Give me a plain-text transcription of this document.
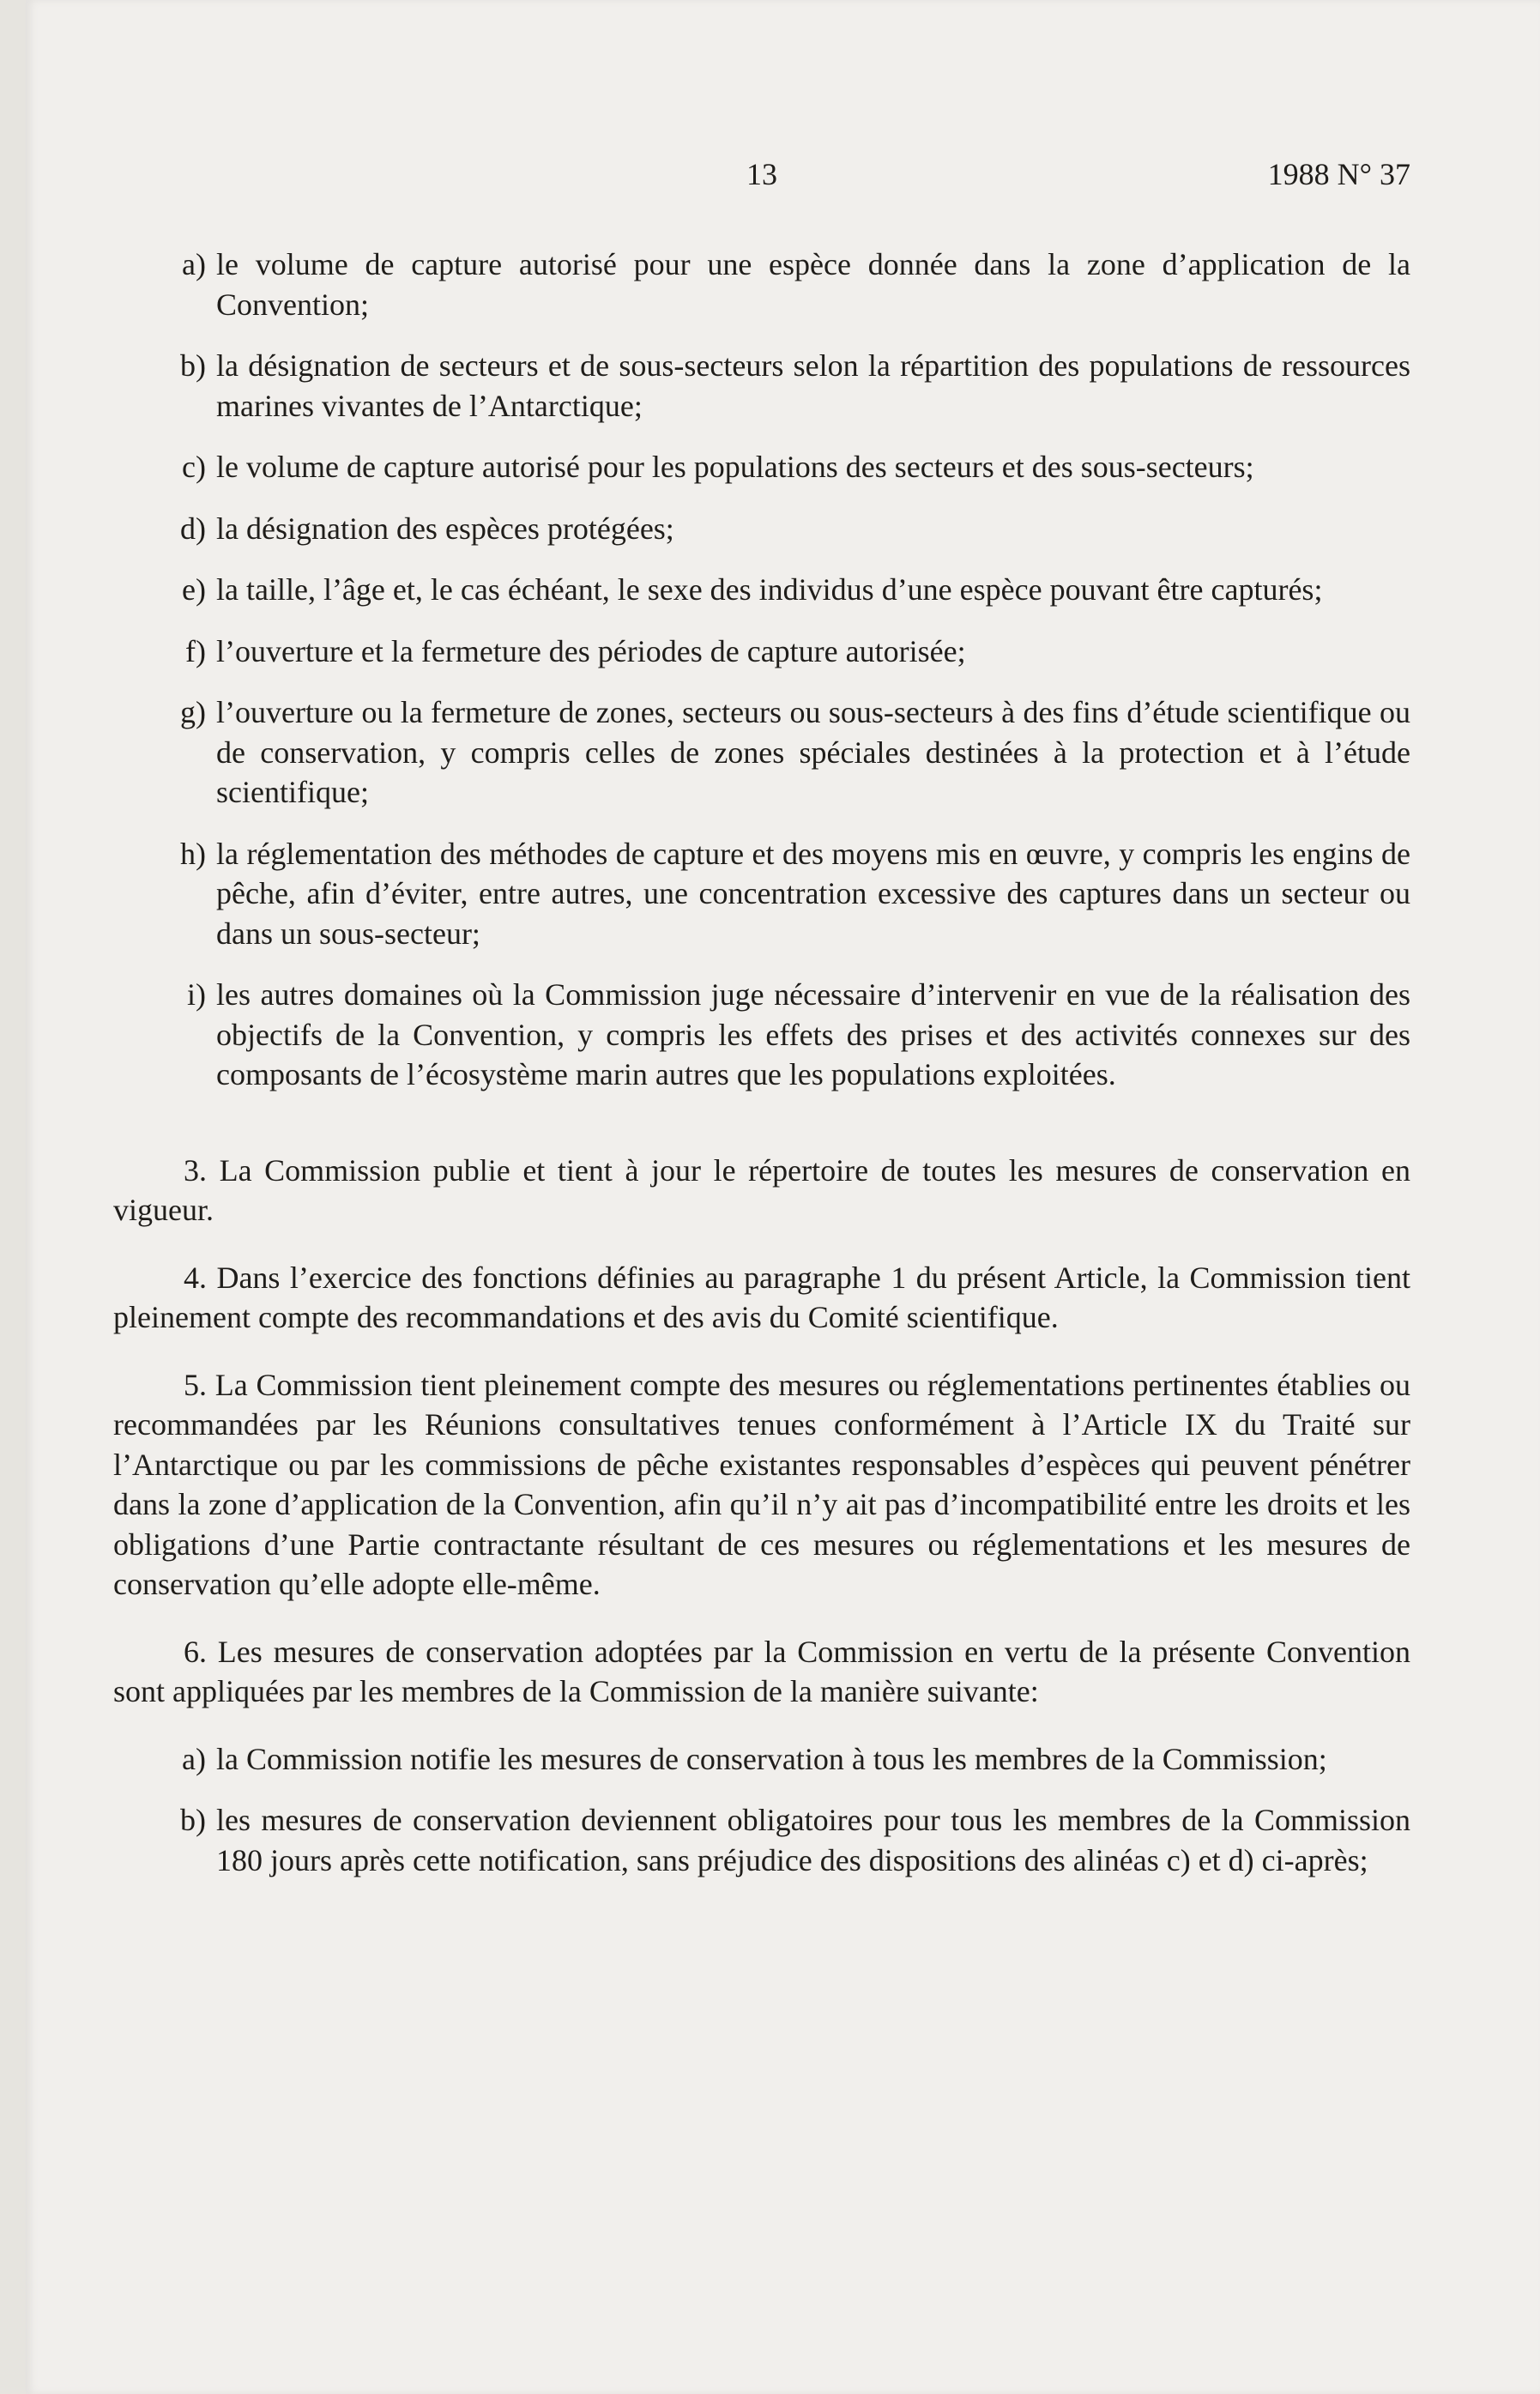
13	1988 N° 37
a) le volume de capture autorisé pour une espèce donnée dans la zone d’application de la Convention;
b) la désignation de secteurs et de sous-secteurs selon la répartition des populations de ressources marines vivantes de l’Antarctique;
c) le volume de capture autorisé pour les populations des secteurs et des sous-secteurs;
d) la désignation des espèces protégées;
e) la taille, l’âge et, le cas échéant, le sexe des individus d’une espèce pouvant être capturés;
f) l’ouverture et la fermeture des périodes de capture autorisée;
g) l’ouverture ou la fermeture de zones, secteurs ou sous-secteurs à des fins d’étude scientifique ou de conservation, y compris celles de zones spéciales destinées à la protection et à l’étude scientifique;
h) la réglementation des méthodes de capture et des moyens mis en œuvre, y compris les engins de pêche, afin d’éviter, entre autres, une concentration excessive des captures dans un secteur ou dans un sous-secteur;
i) les autres domaines où la Commission juge nécessaire d’intervenir en vue de la réalisation des objectifs de la Convention, y compris les effets des prises et des activités connexes sur des composants de l’écosystème marin autres que les populations exploitées.

3. La Commission publie et tient à jour le répertoire de toutes les mesures de conservation en vigueur.

4. Dans l’exercice des fonctions définies au paragraphe 1 du présent Article, la Commission tient pleinement compte des recommandations et des avis du Comité scientifique.

5. La Commission tient pleinement compte des mesures ou réglementations pertinentes établies ou recommandées par les Réunions consultatives tenues conformément à l’Article IX du Traité sur l’Antarctique ou par les commissions de pêche existantes responsables d’espèces qui peuvent pénétrer dans la zone d’application de la Convention, afin qu’il n’y ait pas d’incompatibilité entre les droits et les obligations d’une Partie contractante résultant de ces mesures ou réglementations et les mesures de conservation qu’elle adopte elle-même.

6. Les mesures de conservation adoptées par la Commission en vertu de la présente Convention sont appliquées par les membres de la Commission de la manière suivante:

a) la Commission notifie les mesures de conservation à tous les membres de la Commission;
b) les mesures de conservation deviennent obligatoires pour tous les membres de la Commission 180 jours après cette notification, sans préjudice des dispositions des alinéas c) et d) ci-après;
